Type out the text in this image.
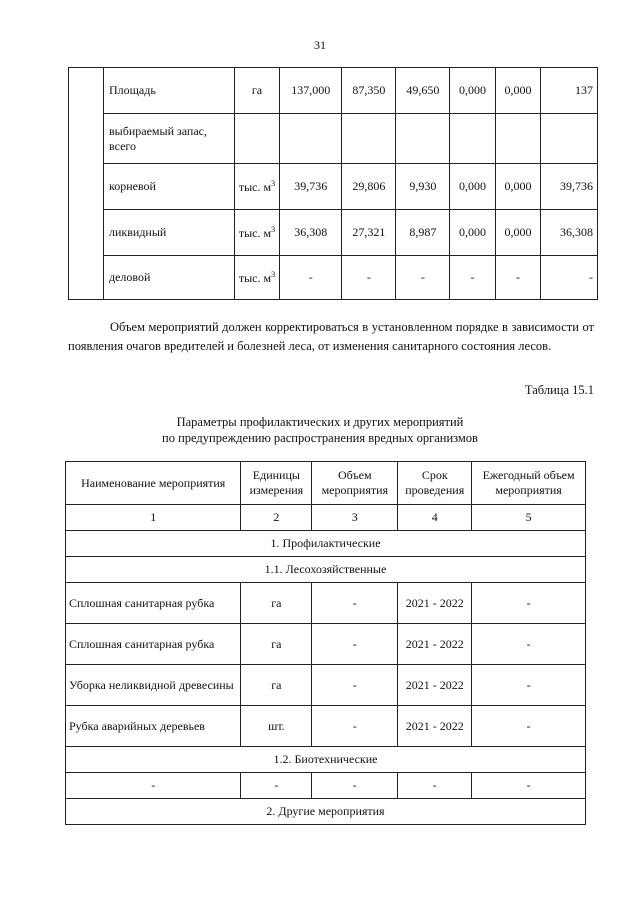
31
	Площадь	га	137,000	87,350	49,650	0,000	0,000	137
	выбираемый запас, всего							
	корневой	тыс. $м^3$	39,736	29,806	9,930	0,000	0,000	39,736
	ликвидный	тыс. $м^3$	36,308	27,321	8,987	0,000	0,000	36,308
	деловой	тыс. $м^3$	-	-	-	-	-	-
Объем мероприятий должен корректироваться в установленном порядке в зависимости от появления очагов вредителей и болезней леса, от изменения санитарного состояния лесов.
Таблица 15.1
Параметры профилактических и других мероприятий
по предупреждению распространения вредных организмов
Наименование мероприятия	Единицы измерения	Объем мероприятия	Срок проведения	Ежегодный объем мероприятия
1	2	3	4	5
1. Профилактические				
1.1. Лесохозяйственные				
Сплошная санитарная рубка	га	-	2021 - 2022	-
Сплошная санитарная рубка	га	-	2021 - 2022	-
Уборка неликвидной древесины	га	-	2021 - 2022	-
Рубка аварийных деревьев	шт.	-	2021 - 2022	-
1.2. Биотехнические				
-	-	-	-	-
2. Другие мероприятия				
